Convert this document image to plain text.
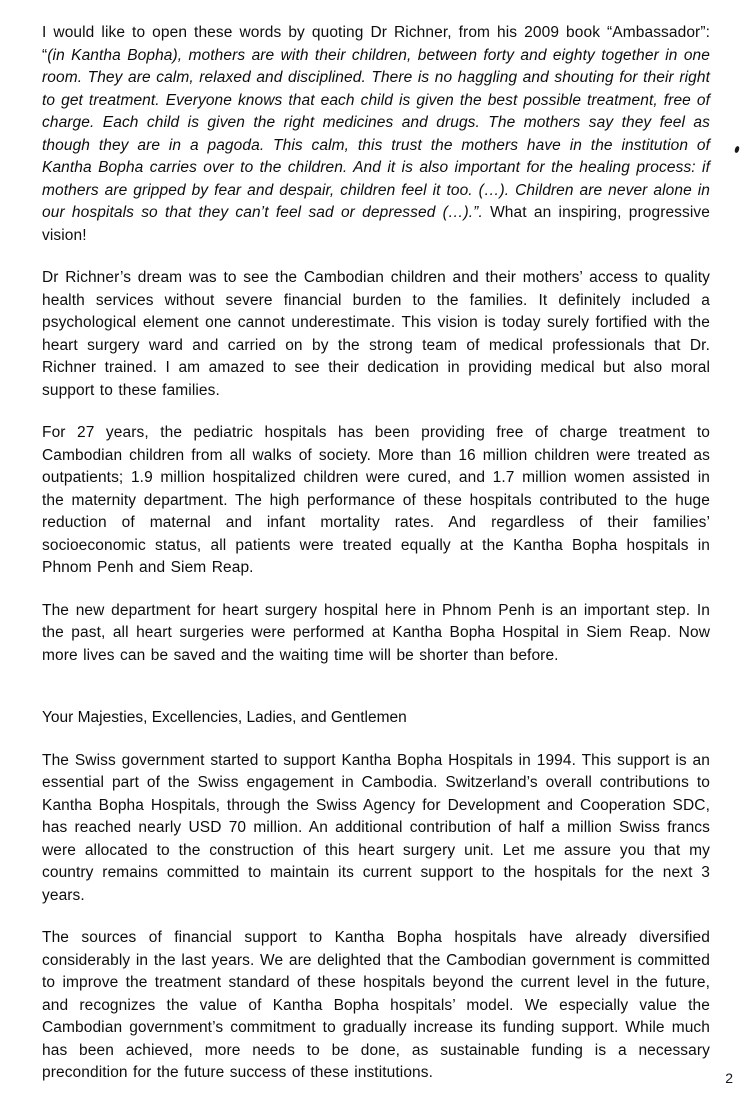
I would like to open these words by quoting Dr Richner, from his 2009 book “Ambassador”: “(in Kantha Bopha), mothers are with their children, between forty and eighty together in one room. They are calm, relaxed and disciplined. There is no haggling and shouting for their right to get treatment. Everyone knows that each child is given the best possible treatment, free of charge. Each child is given the right medicines and drugs. The mothers say they feel as though they are in a pagoda. This calm, this trust the mothers have in the institution of Kantha Bopha carries over to the children. And it is also important for the healing process: if mothers are gripped by fear and despair, children feel it too. (…). Children are never alone in our hospitals so that they can’t feel sad or depressed (…).”. What an inspiring, progressive vision!

Dr Richner’s dream was to see the Cambodian children and their mothers’ access to quality health services without severe financial burden to the families. It definitely included a psychological element one cannot underestimate. This vision is today surely fortified with the heart surgery ward and carried on by the strong team of medical professionals that Dr. Richner trained. I am amazed to see their dedication in providing medical but also moral support to these families.

For 27 years, the pediatric hospitals has been providing free of charge treatment to Cambodian children from all walks of society. More than 16 million children were treated as outpatients; 1.9 million hospitalized children were cured, and 1.7 million women assisted in the maternity department. The high performance of these hospitals contributed to the huge reduction of maternal and infant mortality rates. And regardless of their families’ socioeconomic status, all patients were treated equally at the Kantha Bopha hospitals in Phnom Penh and Siem Reap.

The new department for heart surgery hospital here in Phnom Penh is an important step. In the past, all heart surgeries were performed at Kantha Bopha Hospital in Siem Reap. Now more lives can be saved and the waiting time will be shorter than before.

Your Majesties, Excellencies, Ladies, and Gentlemen

The Swiss government started to support Kantha Bopha Hospitals in 1994. This support is an essential part of the Swiss engagement in Cambodia. Switzerland’s overall contributions to Kantha Bopha Hospitals, through the Swiss Agency for Development and Cooperation SDC, has reached nearly USD 70 million. An additional contribution of half a million Swiss francs were allocated to the construction of this heart surgery unit. Let me assure you that my country remains committed to maintain its current support to the hospitals for the next 3 years.

The sources of financial support to Kantha Bopha hospitals have already diversified considerably in the last years. We are delighted that the Cambodian government is committed to improve the treatment standard of these hospitals beyond the current level in the future, and recognizes the value of Kantha Bopha hospitals’ model. We especially value the Cambodian government’s commitment to gradually increase its funding support. While much has been achieved, more needs to be done, as sustainable funding is a necessary precondition for the future success of these institutions.	2
